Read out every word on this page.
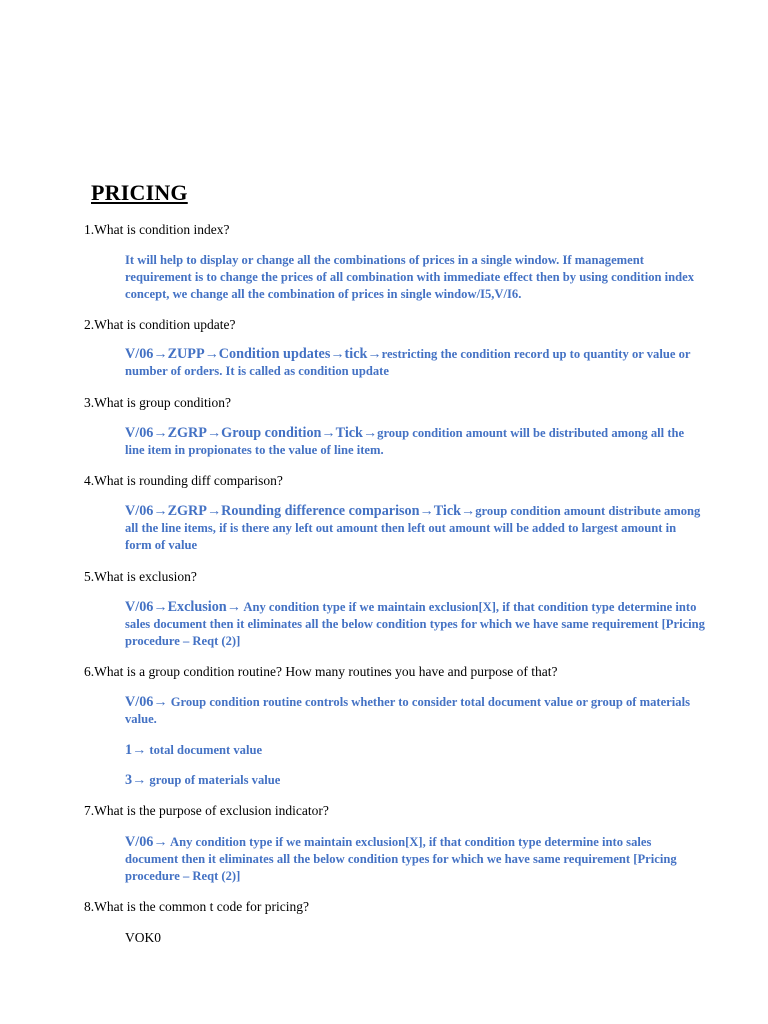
PRICING
1.What is condition index?
It will help to display or change all the combinations of prices in a single window. If management requirement is to change the prices of all combination with immediate effect then by using condition index concept, we change all the combination of prices in single window/I5,V/I6.
2.What is condition update?
V/06→ZUPP→Condition updates→tick→restricting the condition record up to quantity or value or number of orders. It is called as condition update
3.What is group condition?
V/06→ZGRP→Group condition→Tick→group condition amount will be distributed among all the line item in propionates to the value of line item.
4.What is rounding diff comparison?
V/06→ZGRP→Rounding difference comparison→Tick→group condition amount distribute among all the line items, if is there any left out amount then left out amount will be added to largest amount in form of value
5.What is exclusion?
V/06→Exclusion→ Any condition type if we maintain exclusion[X], if that condition type determine into sales document then it eliminates all the below condition types for which we have same requirement [Pricing procedure – Reqt (2)]
6.What is a group condition routine? How many routines you have and purpose of that?
V/06→ Group condition routine controls whether to consider total document value or group of materials value.
1→ total document value
3→ group of materials value
7.What is the purpose of exclusion indicator?
V/06→ Any condition type if we maintain exclusion[X], if that condition type determine into sales document then it eliminates all the below condition types for which we have same requirement [Pricing procedure – Reqt (2)]
8.What is the common t code for pricing?
VOK0
